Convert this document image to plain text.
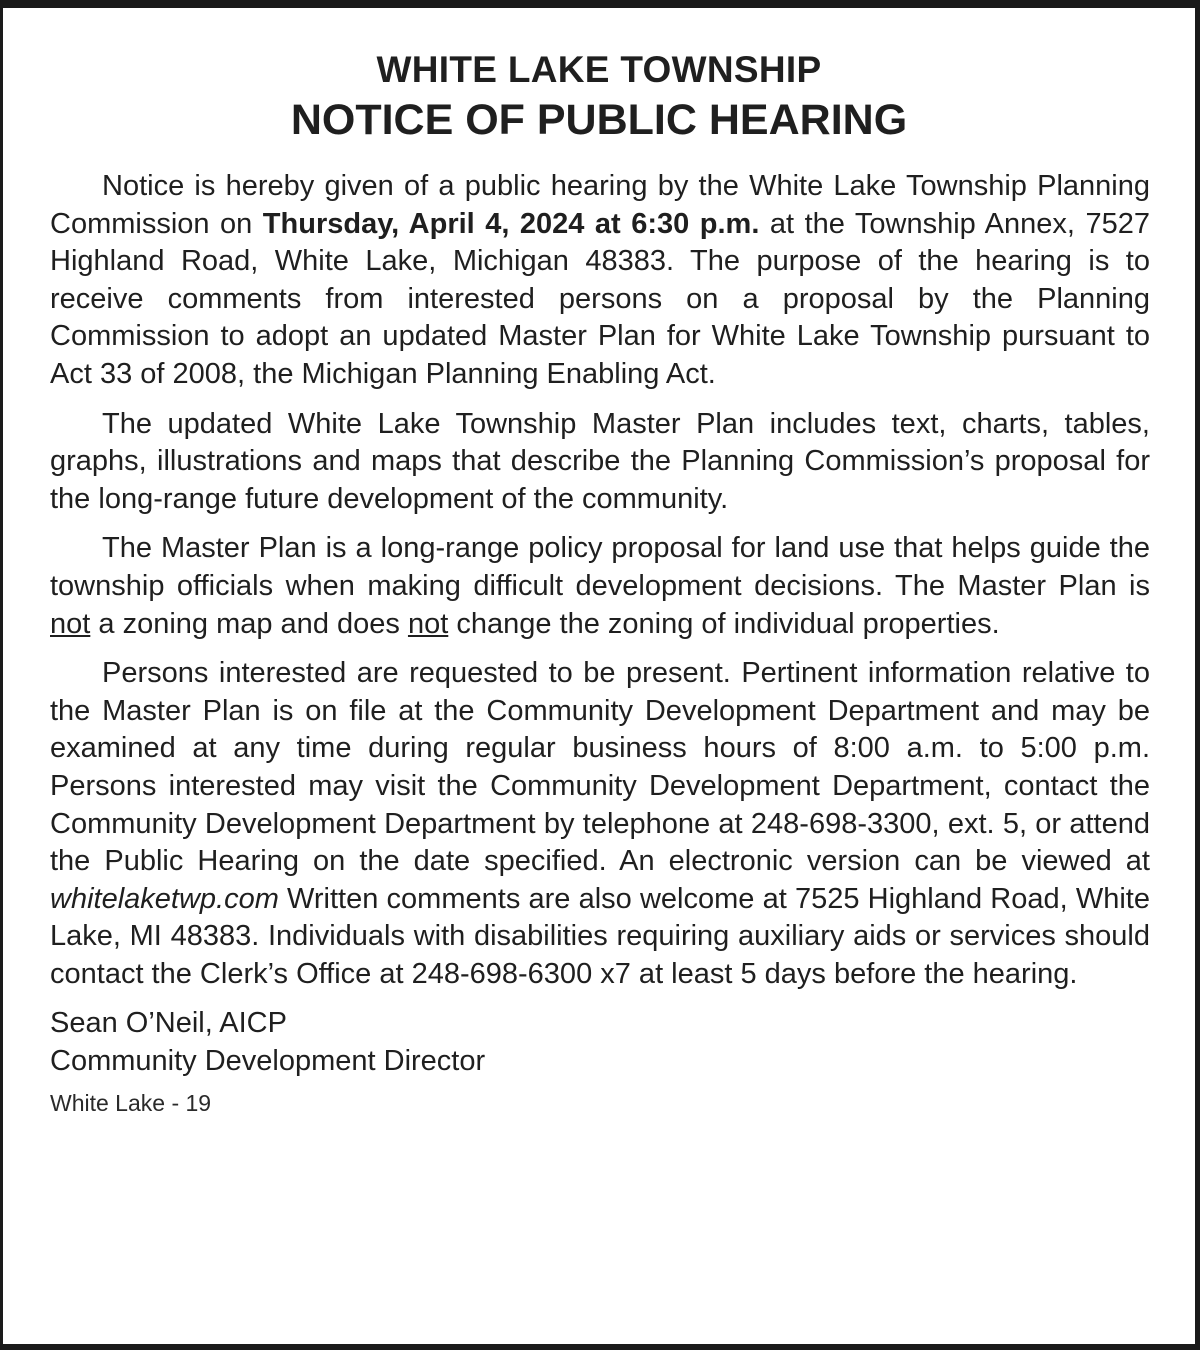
WHITE LAKE TOWNSHIP
NOTICE OF PUBLIC HEARING

Notice is hereby given of a public hearing by the White Lake Township Planning Commission on Thursday, April 4, 2024 at 6:30 p.m. at the Township Annex, 7527 Highland Road, White Lake, Michigan 48383. The purpose of the hearing is to receive comments from interested persons on a proposal by the Planning Commission to adopt an updated Master Plan for White Lake Township pursuant to Act 33 of 2008, the Michigan Planning Enabling Act.

The updated White Lake Township Master Plan includes text, charts, tables, graphs, illustrations and maps that describe the Planning Commission’s proposal for the long-range future development of the community.

The Master Plan is a long-range policy proposal for land use that helps guide the township officials when making difficult development decisions. The Master Plan is not a zoning map and does not change the zoning of individual properties.

Persons interested are requested to be present. Pertinent information relative to the Master Plan is on file at the Community Development Department and may be examined at any time during regular business hours of 8:00 a.m. to 5:00 p.m. Persons interested may visit the Community Development Department, contact the Community Development Department by telephone at 248-698-3300, ext. 5, or attend the Public Hearing on the date specified. An electronic version can be viewed at whitelaketwp.com Written comments are also welcome at 7525 Highland Road, White Lake, MI 48383. Individuals with disabilities requiring auxiliary aids or services should contact the Clerk’s Office at 248-698-6300 x7 at least 5 days before the hearing.

Sean O’Neil, AICP

Community Development Director

White Lake - 19
